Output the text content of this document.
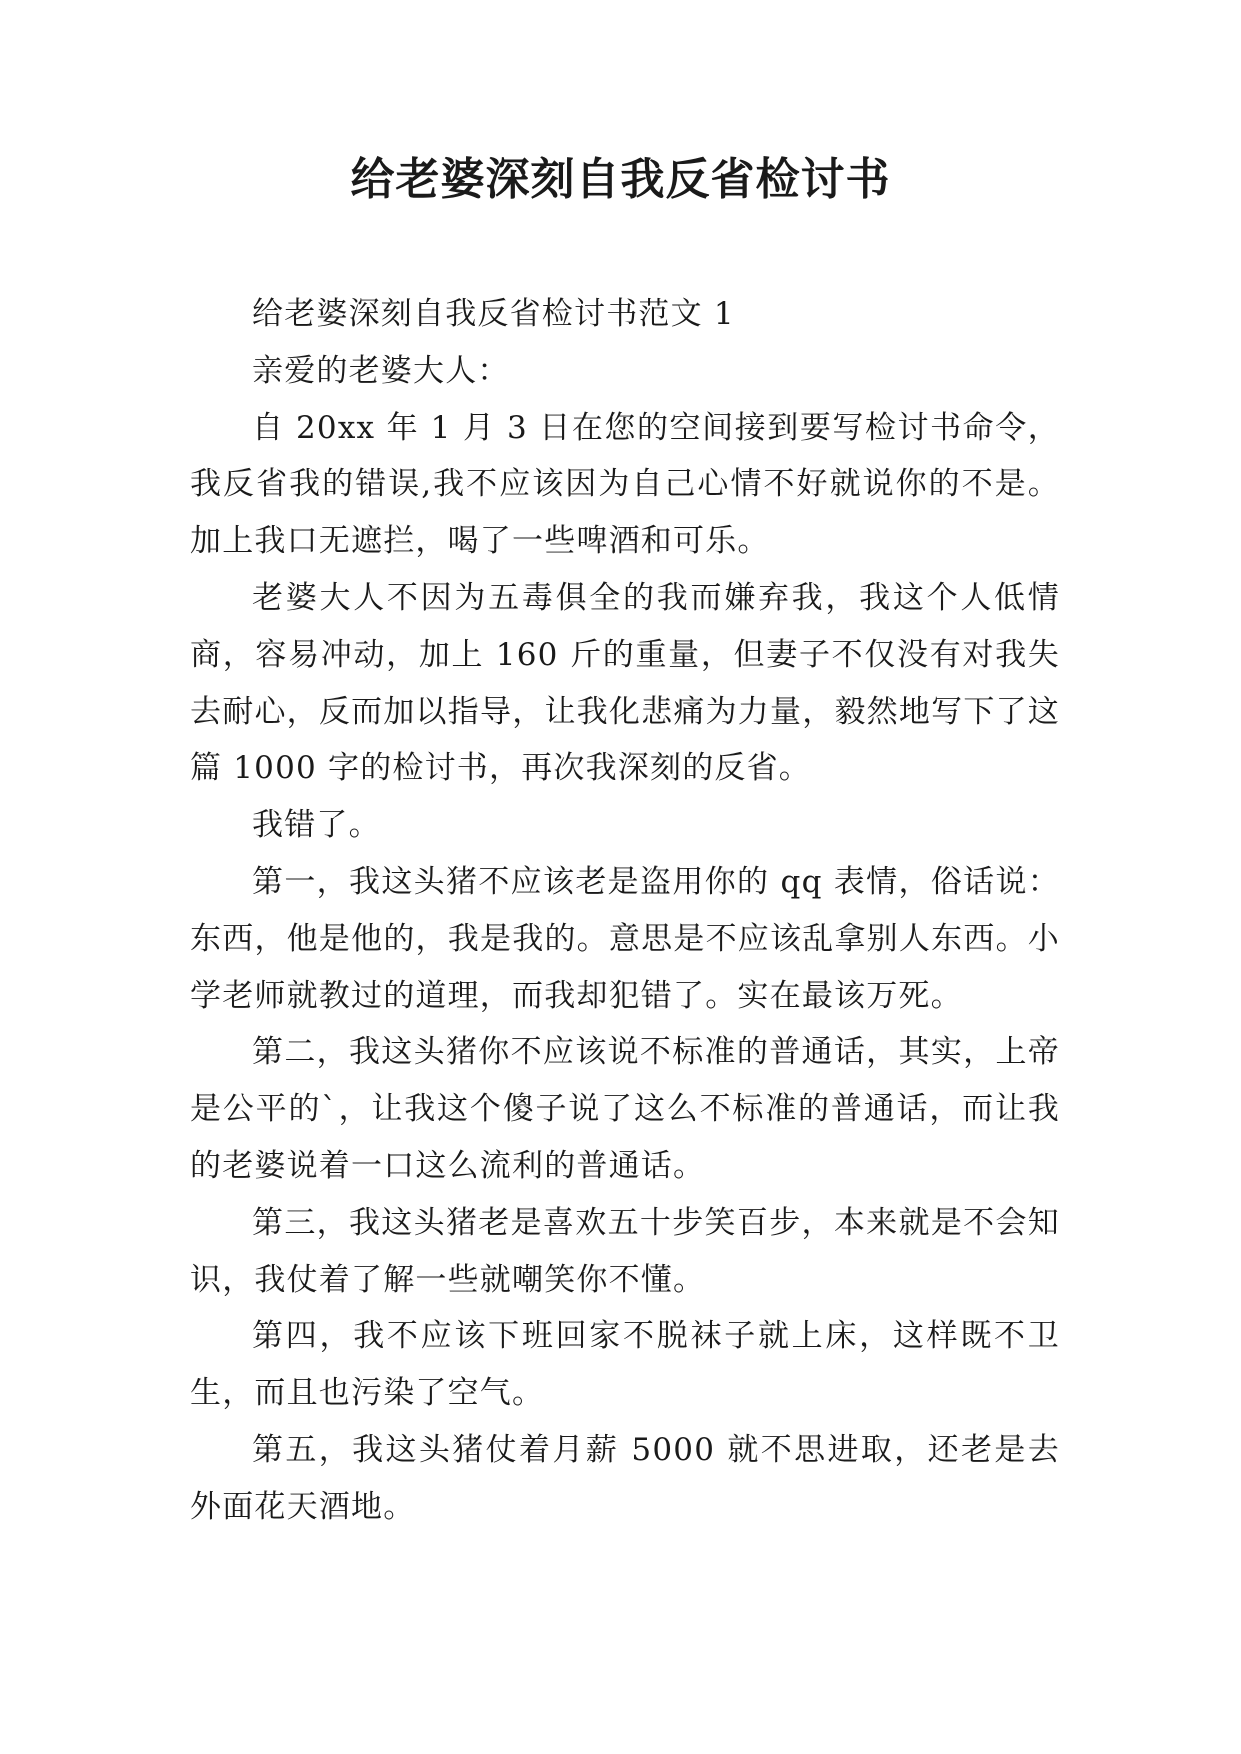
给老婆深刻自我反省检讨书

给老婆深刻自我反省检讨书范文 1

亲爱的老婆大人：

自 20xx 年 1 月 3 日在您的空间接到要写检讨书命令，我反省我的错误,我不应该因为自己心情不好就说你的不是。加上我口无遮拦，喝了一些啤酒和可乐。

老婆大人不因为五毒俱全的我而嫌弃我，我这个人低情商，容易冲动，加上 160 斤的重量，但妻子不仅没有对我失去耐心，反而加以指导，让我化悲痛为力量，毅然地写下了这篇 1000 字的检讨书，再次我深刻的反省。

我错了。

第一，我这头猪不应该老是盗用你的 qq 表情，俗话说：东西，他是他的，我是我的。意思是不应该乱拿别人东西。小学老师就教过的道理，而我却犯错了。实在最该万死。

第二，我这头猪你不应该说不标准的普通话，其实，上帝是公平的`，让我这个傻子说了这么不标准的普通话，而让我的老婆说着一口这么流利的普通话。

第三，我这头猪老是喜欢五十步笑百步，本来就是不会知识，我仗着了解一些就嘲笑你不懂。

第四，我不应该下班回家不脱袜子就上床，这样既不卫生，而且也污染了空气。

第五，我这头猪仗着月薪 5000 就不思进取，还老是去外面花天酒地。
